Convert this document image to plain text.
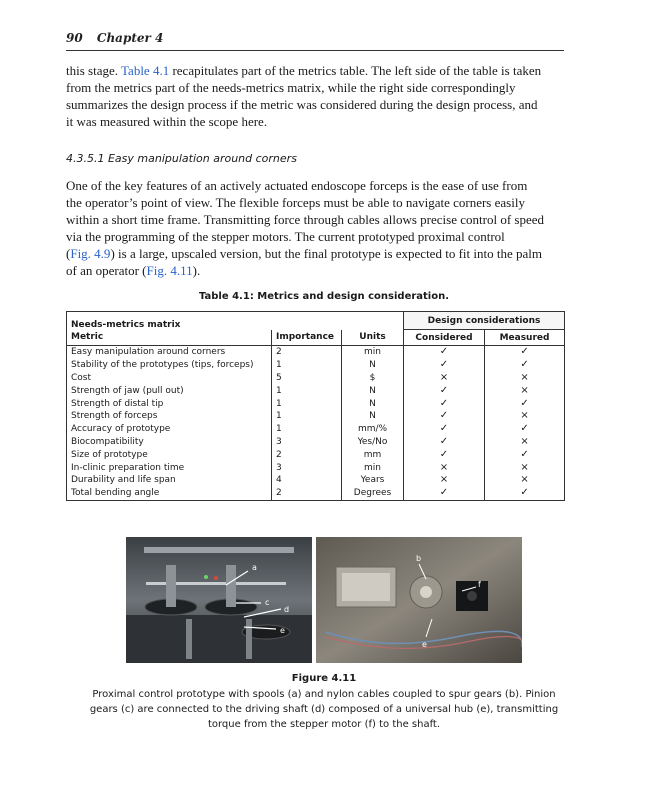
90 Chapter 4
this stage. Table 4.1 recapitulates part of the metrics table. The left side of the table is taken
from the metrics part of the needs-metrics matrix, while the right side correspondingly
summarizes the design process if the metric was considered during the design process, and
it was measured within the scope here.
4.3.5.1 Easy manipulation around corners
One of the key features of an actively actuated endoscope forceps is the ease of use from
the operator’s point of view. The flexible forceps must be able to navigate corners easily
within a short time frame. Transmitting force through cables allows precise control of speed
via the programming of the stepper motors. The current prototyped proximal control
(Fig. 4.9) is a large, upscaled version, but the final prototype is expected to fit into the palm
of an operator (Fig. 4.11).
Table 4.1: Metrics and design consideration.
Needs-metrics matrix			Design considerations	
Metric	Importance	Units	Considered	Measured
Easy manipulation around corners	2	min	✓	✓
Stability of the prototypes (tips, forceps)	1	N	✓	✓
Cost	5	$	×	×
Strength of jaw (pull out)	1	N	✓	×
Strength of distal tip	1	N	✓	✓
Strength of forceps	1	N	✓	×
Accuracy of prototype	1	mm/%	✓	✓
Biocompatibility	3	Yes/No	✓	×
Size of prototype	2	mm	✓	✓
In-clinic preparation time	3	min	×	×
Durability and life span	4	Years	×	×
Total bending angle	2	Degrees	✓	✓
a
c
d
e
b
e
f
Figure 4.11
Proximal control prototype with spools (a) and nylon cables coupled to spur gears (b). Pinion
gears (c) are connected to the driving shaft (d) composed of a universal hub (e), transmitting
torque from the stepper motor (f) to the shaft.
